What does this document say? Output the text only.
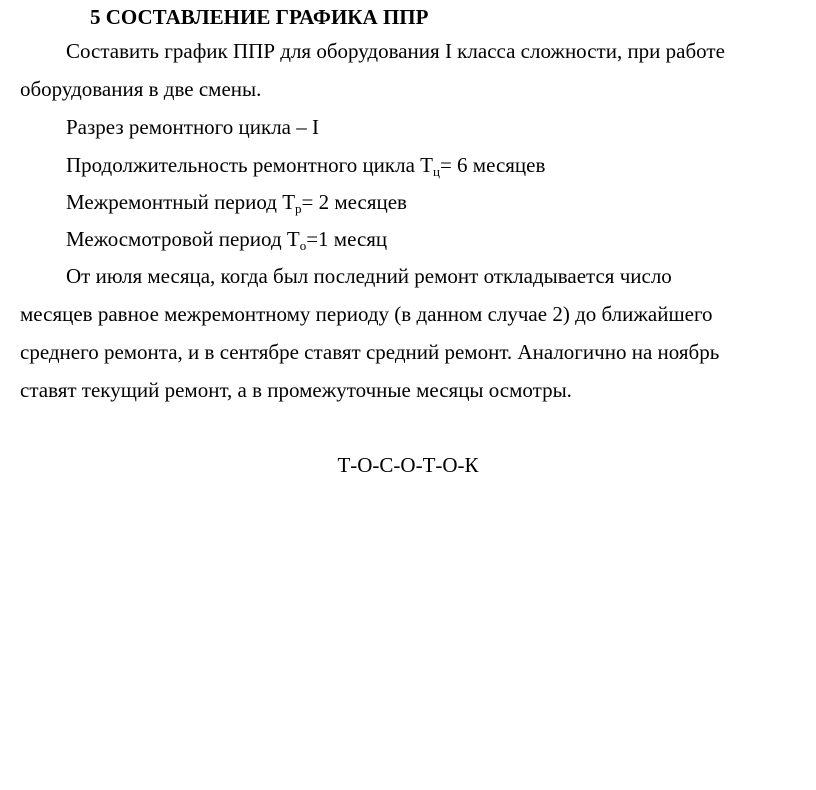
5 СОСТАВЛЕНИЕ ГРАФИКА ППР
Составить график ППР для оборудования I класса сложности, при работе
оборудования в две смены.
Разрез ремонтного цикла – I
Продолжительность ремонтного цикла $Т_ц= 6$ месяцев
Межремонтный период $Т_р= 2$ месяцев
Межосмотровой период $Т_о=1$ месяц
От июля месяца, когда был последний ремонт откладывается число
месяцев равное межремонтному периоду (в данном случае 2) до ближайшего
среднего ремонта, и в сентябре ставят средний ремонт. Аналогично на ноябрь
ставят текущий ремонт, а в промежуточные месяцы осмотры.
Т-О-С-О-Т-О-К
